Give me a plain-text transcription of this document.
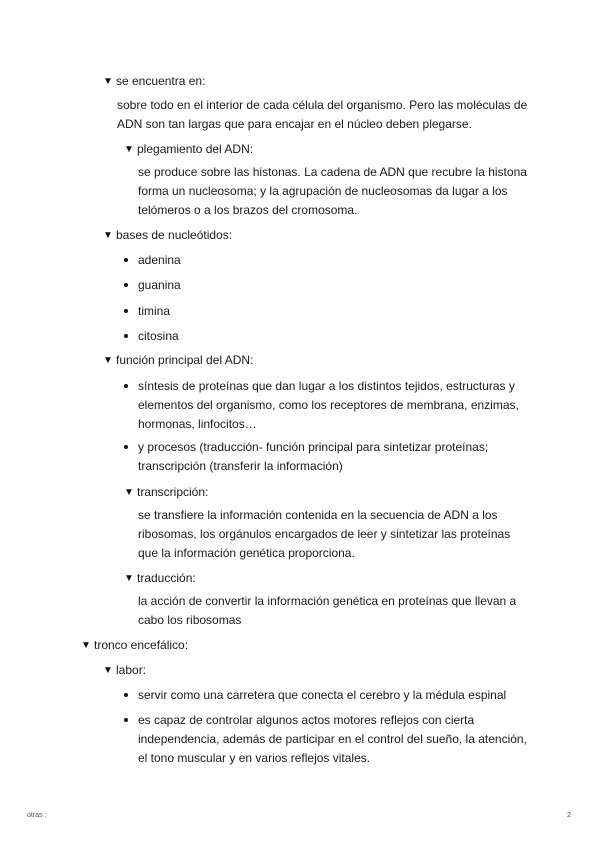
▼ se encuentra en:
sobre todo en el interior de cada célula del organismo. Pero las moléculas de ADN son tan largas que para encajar en el núcleo deben plegarse.
▼ plegamiento del ADN:
se produce sobre las histonas. La cadena de ADN que recubre la histona forma un nucleosoma; y la agrupación de nucleosomas da lugar a los telómeros o a los brazos del cromosoma.
▼ bases de nucleótidos:
adenina
guanina
timina
citosina
▼ función principal del ADN:
síntesis de proteínas que dan lugar a los distintos tejidos, estructuras y elementos del organismo, como los receptores de membrana, enzimas, hormonas, linfocitos…
y procesos (traducción- función principal para sintetizar proteínas; transcripción (transferir la información)
▼ transcripción:
se transfiere la información contenida en la secuencia de ADN a los ribosomas, los orgánulos encargados de leer y sintetizar las proteínas que la información genética proporciona.
▼ traducción:
la acción de convertir la información genética en proteínas que llevan a cabo los ribosomas
▼ tronco encefálico:
▼ labor:
servir como una carretera que conecta el cerebro y la médula espinal
es capaz de controlar algunos actos motores reflejos con cierta independencia, además de participar en el control del sueño, la atención, el tono muscular y en varios reflejos vitales.
otras :	2
